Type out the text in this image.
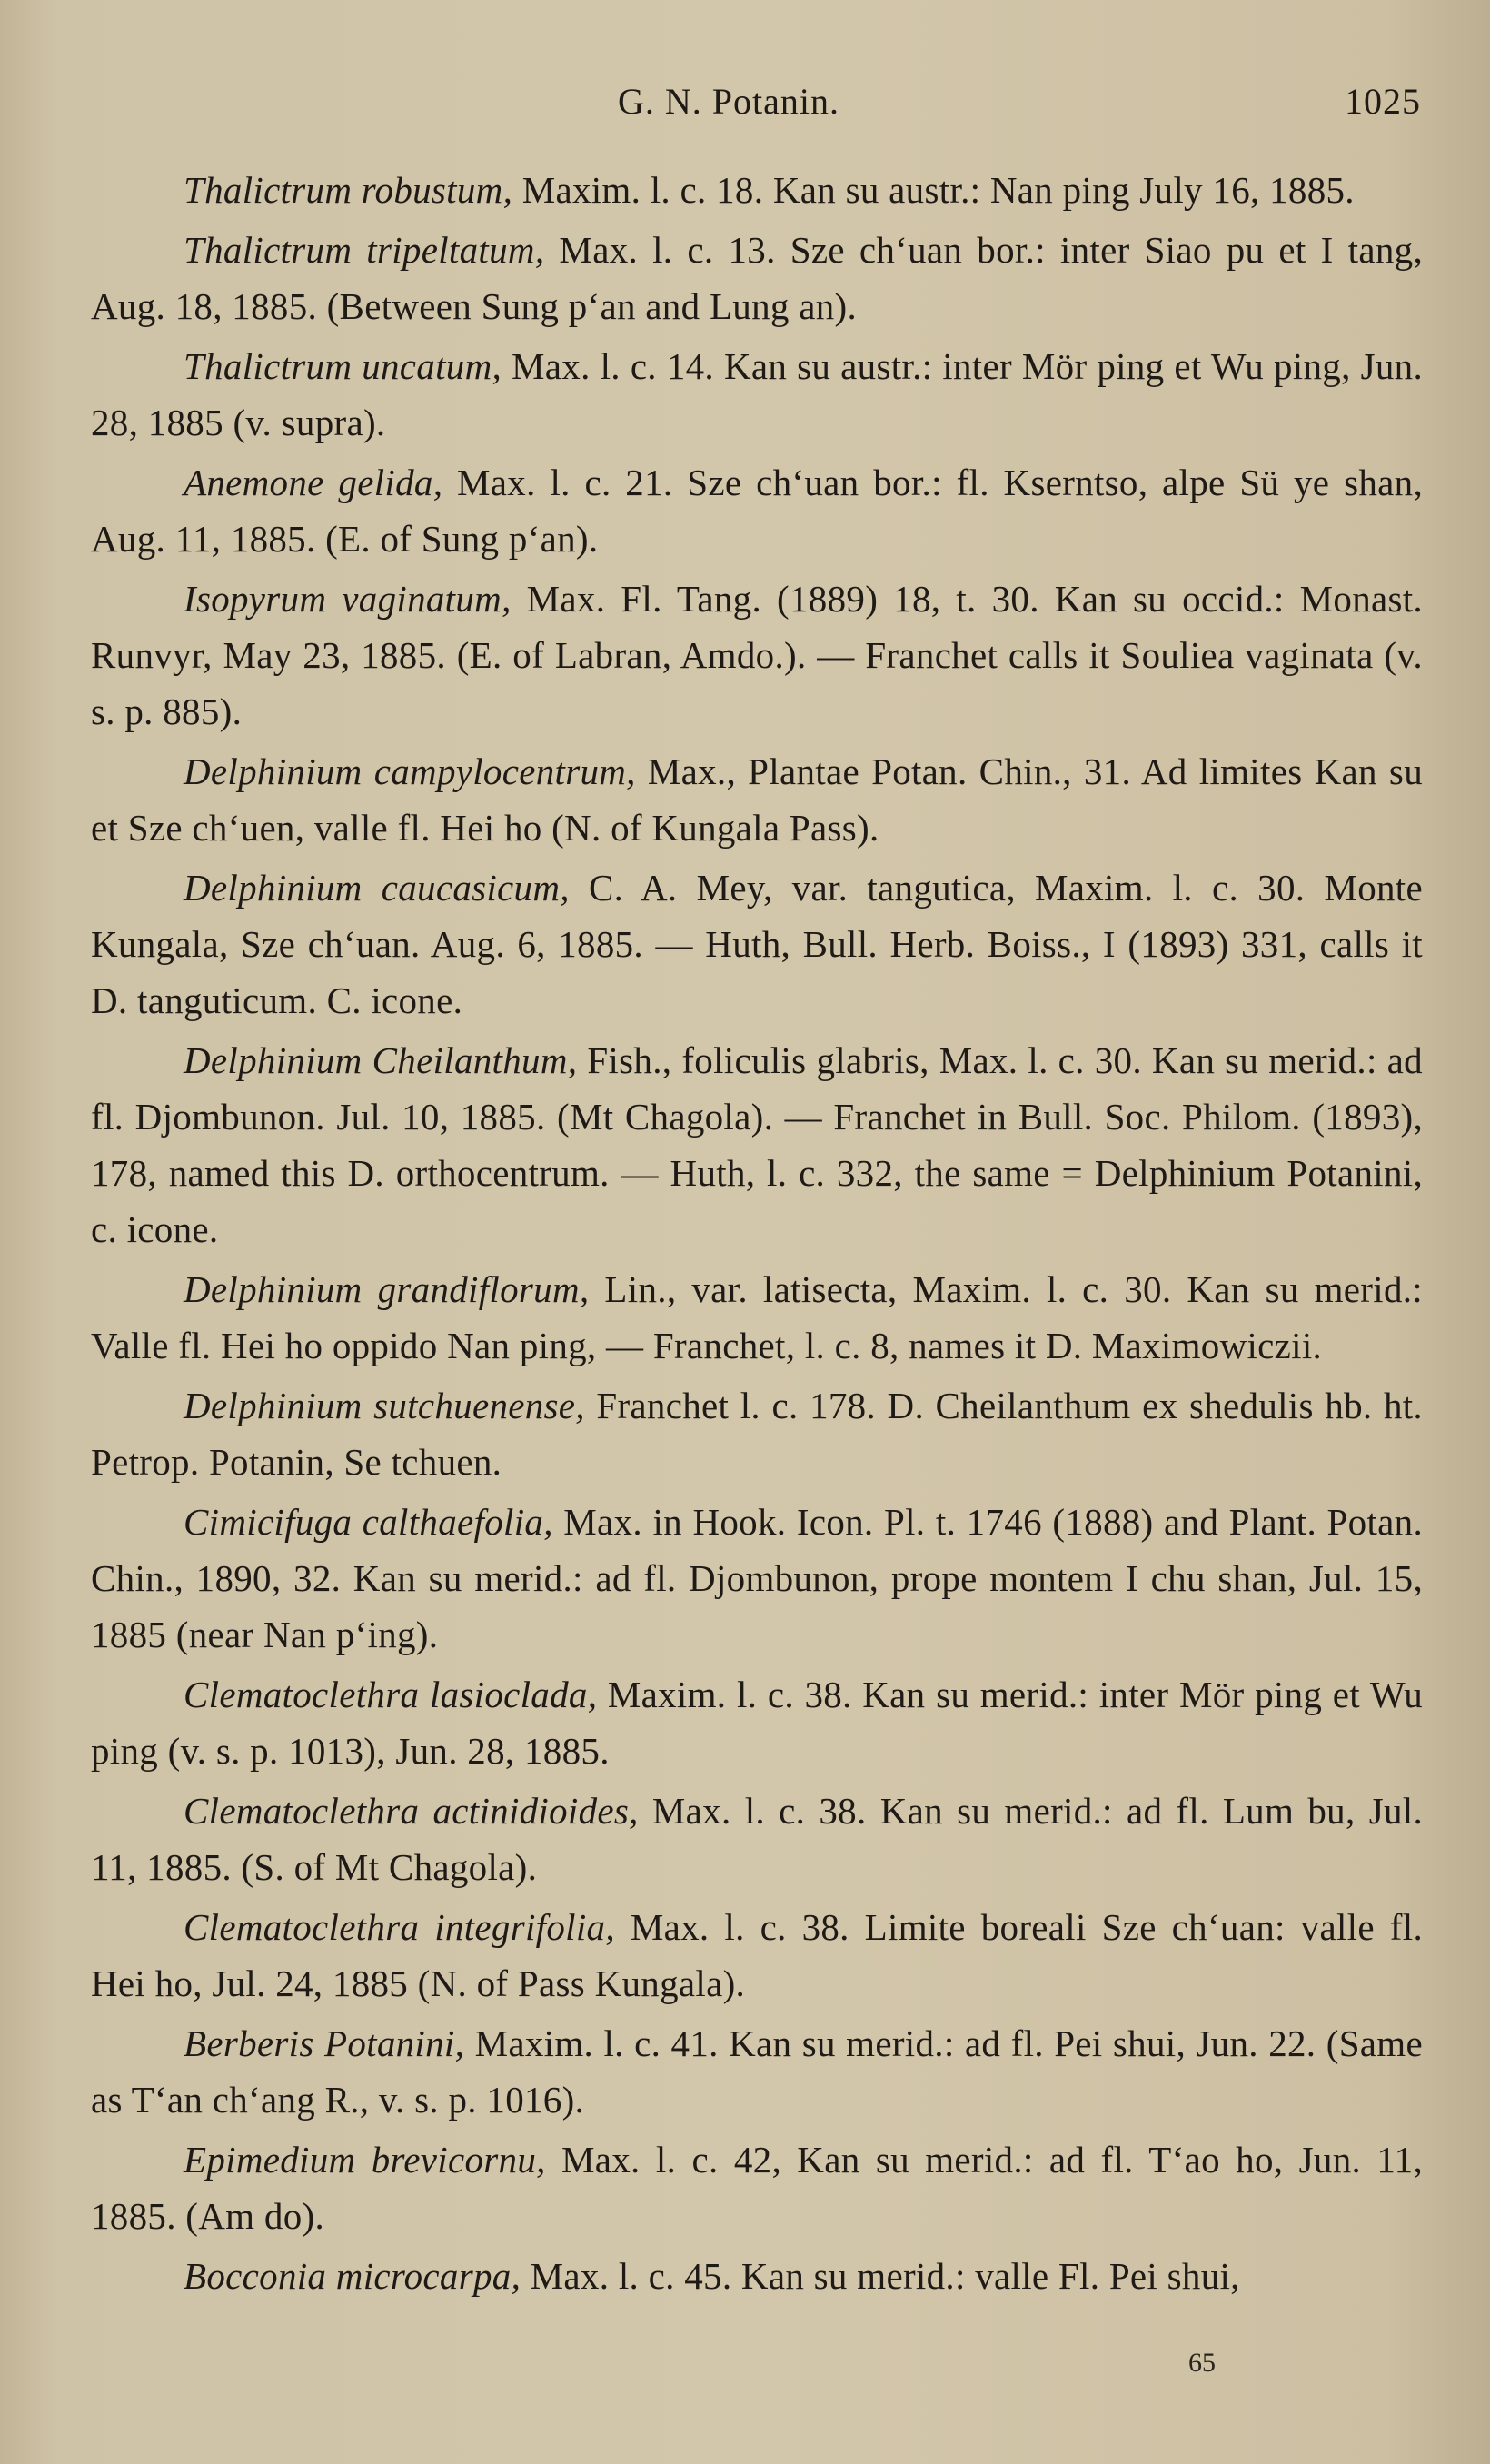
G. N. Potanin.	1025

Thalictrum robustum, Maxim. l. c. 18. Kan su austr.: Nan ping July 16, 1885.

Thalictrum tripeltatum, Max. l. c. 13. Sze chʻuan bor.: inter Siao pu et I tang, Aug. 18, 1885. (Between Sung pʻan and Lung an).

Thalictrum uncatum, Max. l. c. 14. Kan su austr.: inter Mör ping et Wu ping, Jun. 28, 1885 (v. supra).

Anemone gelida, Max. l. c. 21. Sze chʻuan bor.: fl. Kserntso, alpe Sü ye shan, Aug. 11, 1885. (E. of Sung pʻan).

Isopyrum vaginatum, Max. Fl. Tang. (1889) 18, t. 30. Kan su occid.: Monast. Runvyr, May 23, 1885. (E. of Labran, Amdo.). — Franchet calls it Souliea vaginata (v. s. p. 885).

Delphinium campylocentrum, Max., Plantae Potan. Chin., 31. Ad limites Kan su et Sze chʻuen, valle fl. Hei ho (N. of Kungala Pass).

Delphinium caucasicum, C. A. Mey, var. tangutica, Maxim. l. c. 30. Monte Kungala, Sze chʻuan. Aug. 6, 1885. — Huth, Bull. Herb. Boiss., I (1893) 331, calls it D. tanguticum. C. icone.

Delphinium Cheilanthum, Fish., foliculis glabris, Max. l. c. 30. Kan su merid.: ad fl. Djombunon. Jul. 10, 1885. (Mt Chagola). — Franchet in Bull. Soc. Philom. (1893), 178, named this D. orthocentrum. — Huth, l. c. 332, the same = Delphinium Potanini, c. icone.

Delphinium grandiflorum, Lin., var. latisecta, Maxim. l. c. 30. Kan su merid.: Valle fl. Hei ho oppido Nan ping, — Franchet, l. c. 8, names it D. Maximowiczii.

Delphinium sutchuenense, Franchet l. c. 178. D. Cheilanthum ex shedulis hb. ht. Petrop. Potanin, Se tchuen.

Cimicifuga calthaefolia, Max. in Hook. Icon. Pl. t. 1746 (1888) and Plant. Potan. Chin., 1890, 32. Kan su merid.: ad fl. Djombunon, prope montem I chu shan, Jul. 15, 1885 (near Nan pʻing).

Clematoclethra lasioclada, Maxim. l. c. 38. Kan su merid.: inter Mör ping et Wu ping (v. s. p. 1013), Jun. 28, 1885.

Clematoclethra actinidioides, Max. l. c. 38. Kan su merid.: ad fl. Lum bu, Jul. 11, 1885. (S. of Mt Chagola).

Clematoclethra integrifolia, Max. l. c. 38. Limite boreali Sze chʻuan: valle fl. Hei ho, Jul. 24, 1885 (N. of Pass Kungala).

Berberis Potanini, Maxim. l. c. 41. Kan su merid.: ad fl. Pei shui, Jun. 22. (Same as Tʻan chʻang R., v. s. p. 1016).

Epimedium brevicornu, Max. l. c. 42, Kan su merid.: ad fl. Tʻao ho, Jun. 11, 1885. (Am do).

Bocconia microcarpa, Max. l. c. 45. Kan su merid.: valle Fl. Pei shui,

65
